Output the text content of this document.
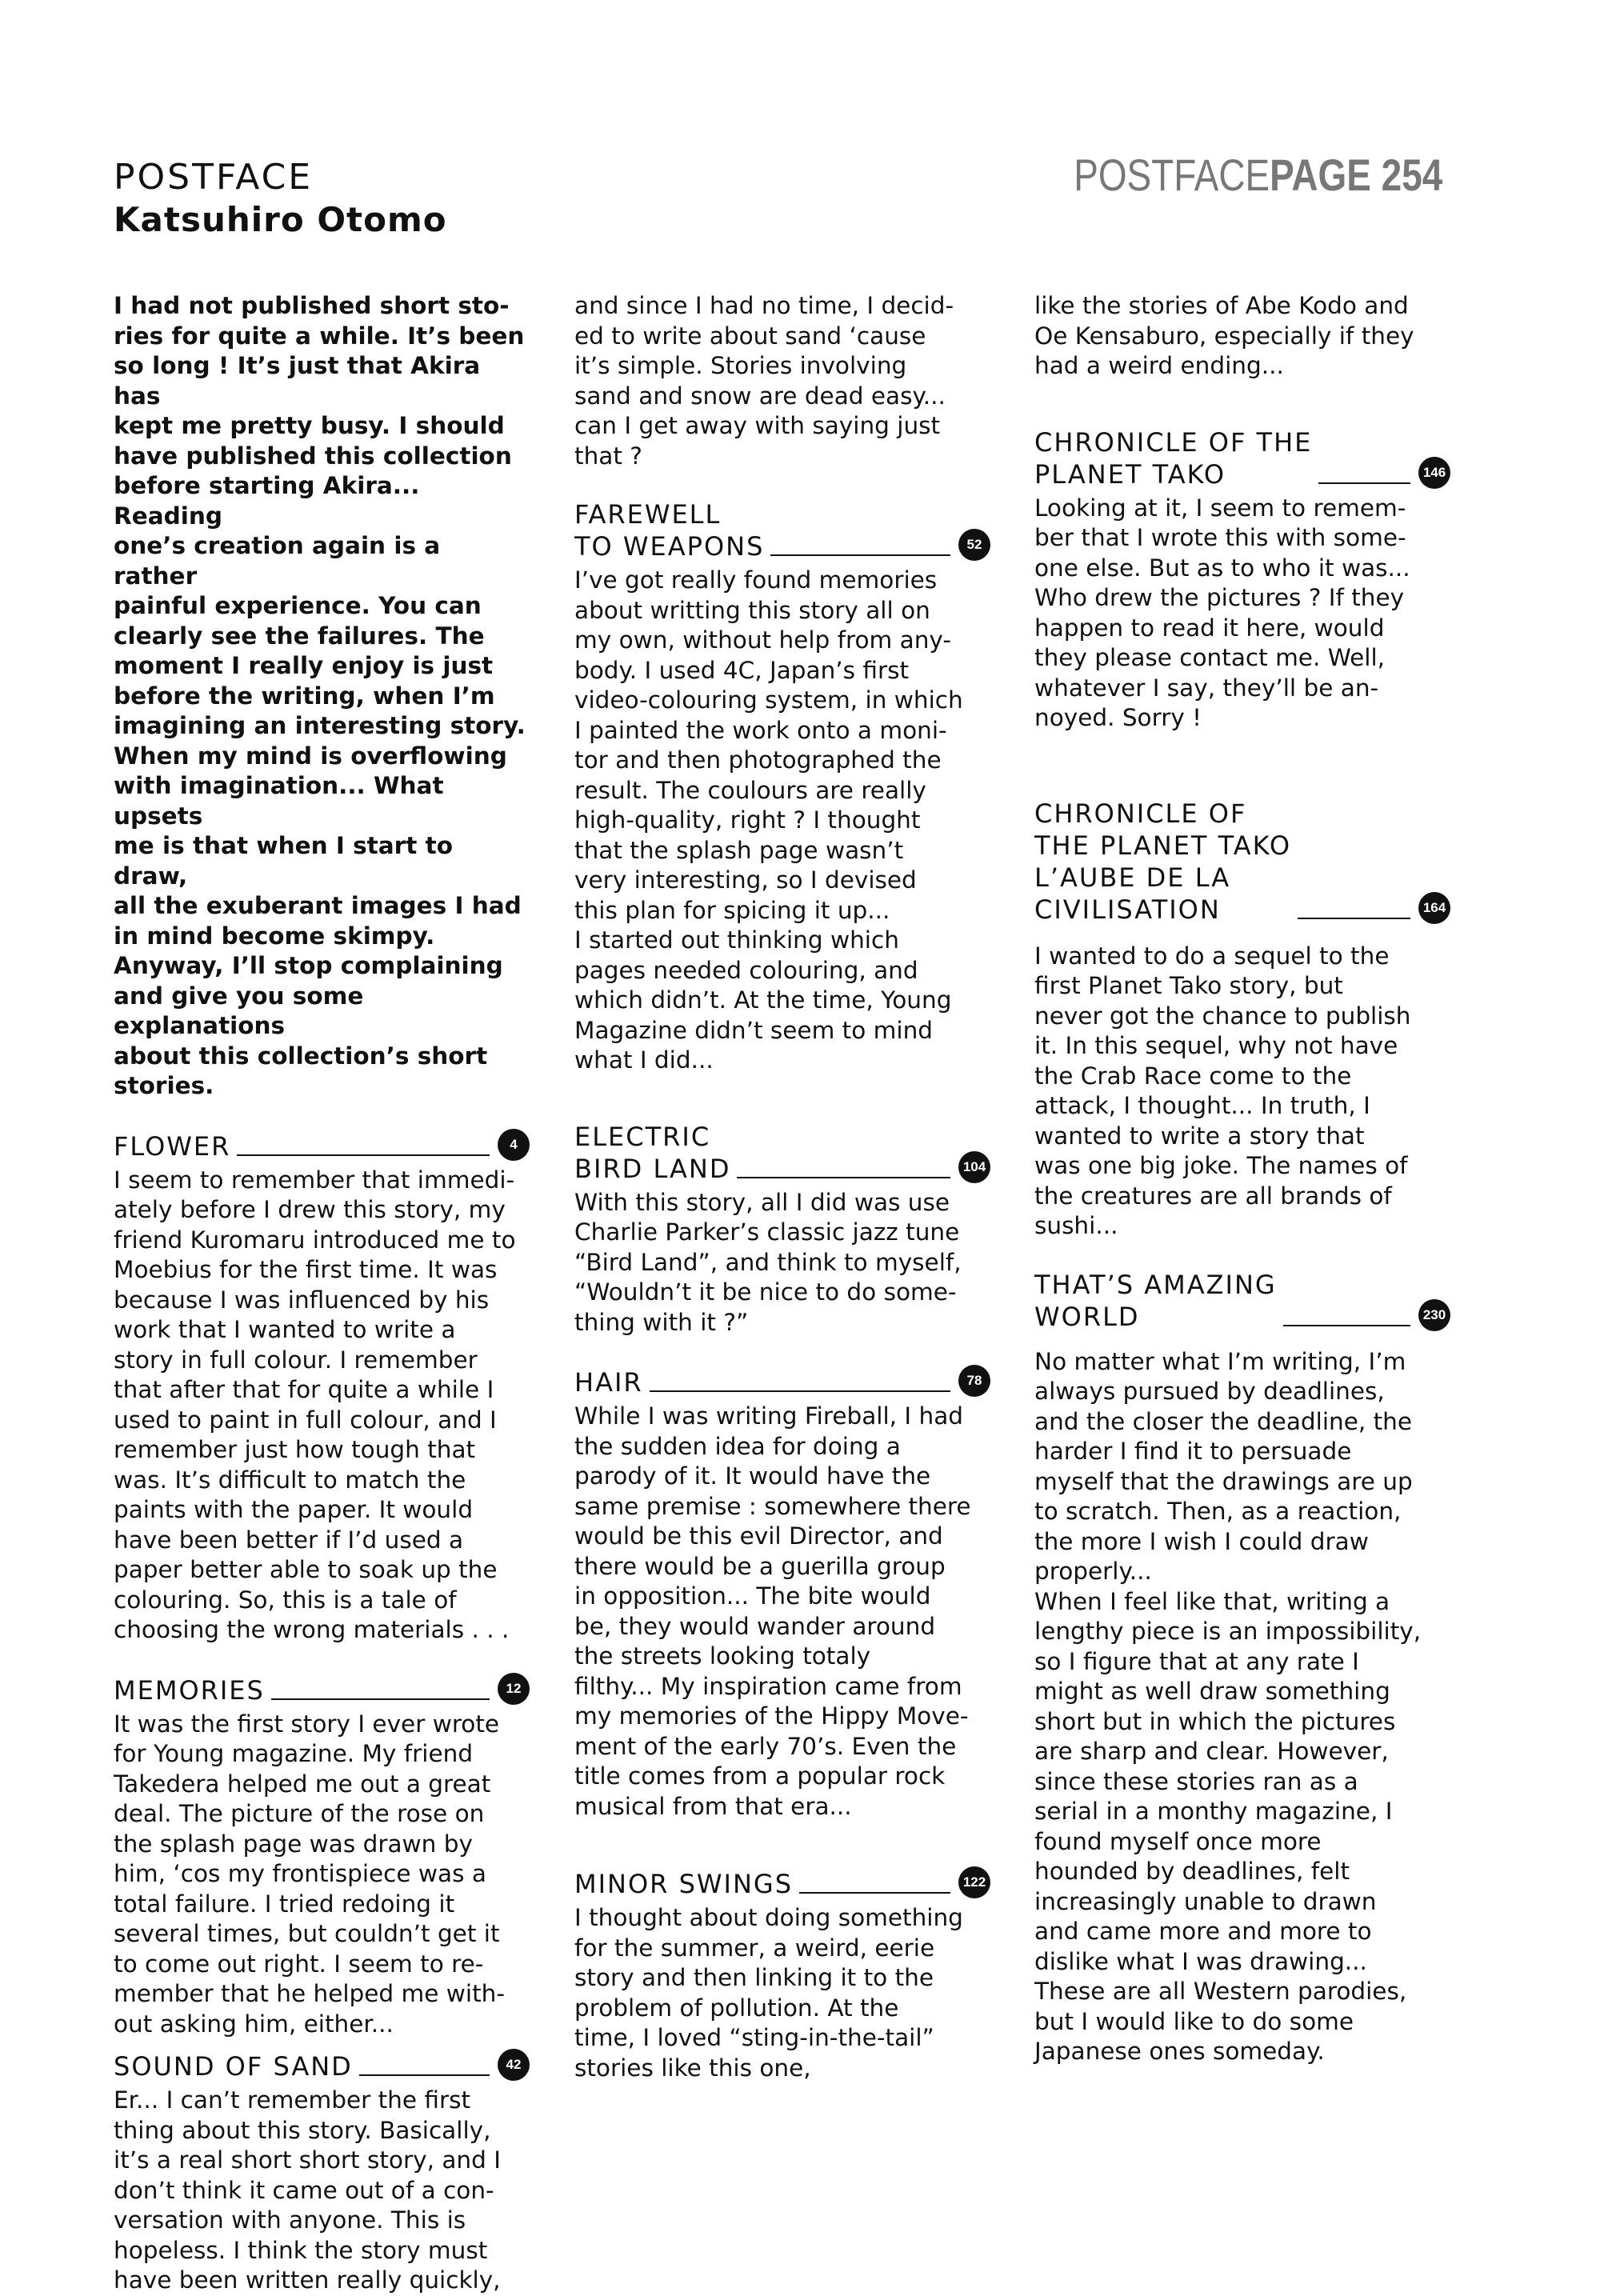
POSTFACE
Katsuhiro Otomo
POSTFACEPAGE 254

I had not published short sto-
ries for quite a while. It’s been
so long ! It’s just that Akira has
kept me pretty busy. I should
have published this collection
before starting Akira... Reading
one’s creation again is a rather
painful experience. You can
clearly see the failures. The
moment I really enjoy is just
before the writing, when I’m
imagining an interesting story.
When my mind is overflowing
with imagination... What upsets
me is that when I start to draw,
all the exuberant images I had
in mind become skimpy.
Anyway, I’ll stop complaining
and give you some explanations
about this collection’s short
stories.

FLOWER	4

I seem to remember that immedi-
ately before I drew this story, my
friend Kuromaru introduced me to
Moebius for the first time. It was
because I was influenced by his
work that I wanted to write a
story in full colour. I remember
that after that for quite a while I
used to paint in full colour, and I
remember just how tough that
was. It’s difficult to match the
paints with the paper. It would
have been better if I’d used a
paper better able to soak up the
colouring. So, this is a tale of
choosing the wrong materials . . .

MEMORIES	12

It was the first story I ever wrote
for Young magazine. My friend
Takedera helped me out a great
deal. The picture of the rose on
the splash page was drawn by
him, ‘cos my frontispiece was a
total failure. I tried redoing it
several times, but couldn’t get it
to come out right. I seem to re-
member that he helped me with-
out asking him, either...

SOUND OF SAND	42

Er... I can’t remember the first
thing about this story. Basically,
it’s a real short short story, and I
don’t think it came out of a con-
versation with anyone. This is
hopeless. I think the story must
have been written really quickly,

and since I had no time, I decid-
ed to write about sand ‘cause
it’s simple. Stories involving
sand and snow are dead easy...
can I get away with saying just
that ?

FAREWELL
TO WEAPONS	52

I’ve got really found memories
about writting this story all on
my own, without help from any-
body. I used 4C, Japan’s first
video-colouring system, in which
I painted the work onto a moni-
tor and then photographed the
result. The coulours are really
high-quality, right ? I thought
that the splash page wasn’t
very interesting, so I devised
this plan for spicing it up...
I started out thinking which
pages needed colouring, and
which didn’t. At the time, Young
Magazine didn’t seem to mind
what I did...

ELECTRIC
BIRD LAND	104

With this story, all I did was use
Charlie Parker’s classic jazz tune
“Bird Land”, and think to myself,
“Wouldn’t it be nice to do some-
thing with it ?”

HAIR	78

While I was writing Fireball, I had
the sudden idea for doing a
parody of it. It would have the
same premise : somewhere there
would be this evil Director, and
there would be a guerilla group
in opposition... The bite would
be, they would wander around
the streets looking totaly
filthy... My inspiration came from
my memories of the Hippy Move-
ment of the early 70’s. Even the
title comes from a popular rock
musical from that era...

MINOR SWINGS	122

I thought about doing something
for the summer, a weird, eerie
story and then linking it to the
problem of pollution. At the
time, I loved “sting-in-the-tail”
stories like this one,

like the stories of Abe Kodo and
Oe Kensaburo, especially if they
had a weird ending...

CHRONICLE OF THE
PLANET TAKO	146

Looking at it, I seem to remem-
ber that I wrote this with some-
one else. But as to who it was...
Who drew the pictures ? If they
happen to read it here, would
they please contact me. Well,
whatever I say, they’ll be an-
noyed. Sorry !

CHRONICLE OF
THE PLANET TAKO
L’AUBE DE LA
CIVILISATION	164

I wanted to do a sequel to the
first Planet Tako story, but
never got the chance to publish
it. In this sequel, why not have
the Crab Race come to the
attack, I thought... In truth, I
wanted to write a story that
was one big joke. The names of
the creatures are all brands of
sushi...

THAT’S AMAZING
WORLD	230

No matter what I’m writing, I’m
always pursued by deadlines,
and the closer the deadline, the
harder I find it to persuade
myself that the drawings are up
to scratch. Then, as a reaction,
the more I wish I could draw
properly...
When I feel like that, writing a
lengthy piece is an impossibility,
so I figure that at any rate I
might as well draw something
short but in which the pictures
are sharp and clear. However,
since these stories ran as a
serial in a monthy magazine, I
found myself once more
hounded by deadlines, felt
increasingly unable to drawn
and came more and more to
dislike what I was drawing...
These are all Western parodies,
but I would like to do some
Japanese ones someday.
